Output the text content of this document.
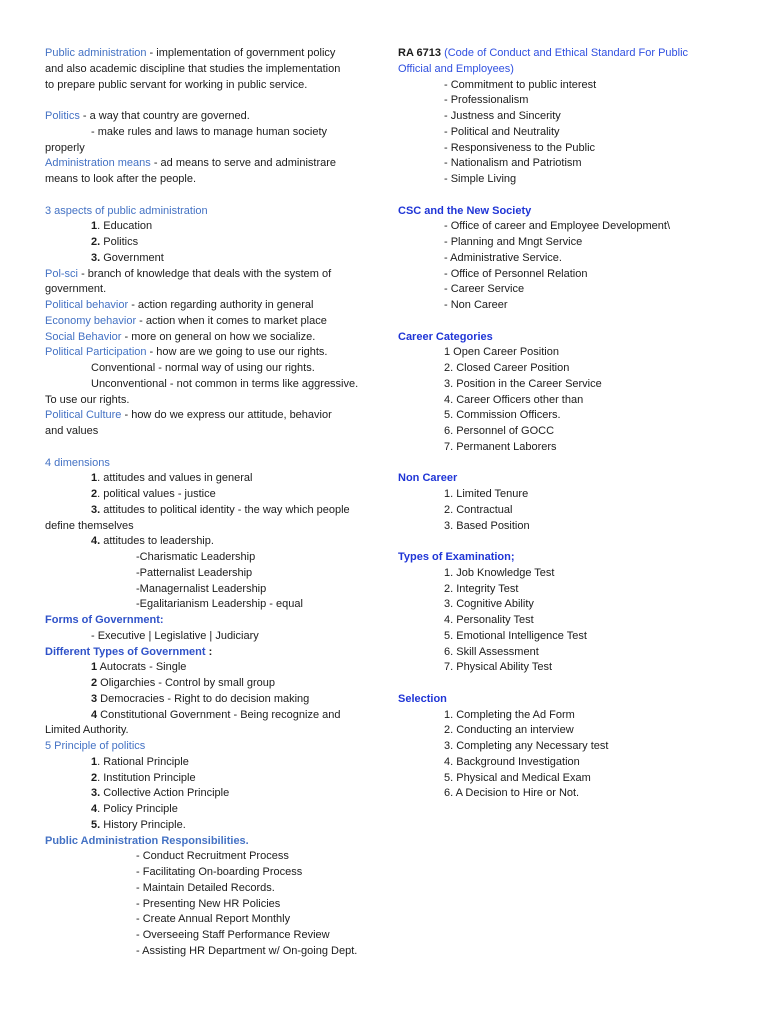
Public administration - implementation of government policy
and also academic discipline that studies the implementation
to prepare public servant for working in public service.
Politics - a way that country are governed.
- make rules and laws to manage human society
properly
Administration means - ad means to serve and administrare
means to look after the people.
3 aspects of public administration
1. Education
2. Politics
3. Government
Pol-sci - branch of knowledge that deals with the system of
government.
Political behavior - action regarding authority in general
Economy behavior - action when it comes to market place
Social Behavior - more on general on how we socialize.
Political Participation - how are we going to use our rights.
Conventional - normal way of using our rights.
Unconventional - not common in terms like aggressive.
To use our rights.
Political Culture - how do we express our attitude, behavior
and values
4 dimensions
1. attitudes and values in general
2. political values - justice
3. attitudes to political identity - the way which people
define themselves
4. attitudes to leadership.
-Charismatic Leadership
-Patternalist Leadership
-Managernalist Leadership
-Egalitarianism Leadership - equal
Forms of Government:
- Executive | Legislative | Judiciary
Different Types of Government :
1 Autocrats - Single
2 Oligarchies - Control by small group
3 Democracies - Right to do decision making
4 Constitutional Government - Being recognize and
Limited Authority.
5 Principle of politics
1. Rational Principle
2. Institution Principle
3. Collective Action Principle
4. Policy Principle
5. History Principle.
Public Administration Responsibilities.
- Conduct Recruitment Process
- Facilitating On-boarding Process
- Maintain Detailed Records.
- Presenting New HR Policies
- Create Annual Report Monthly
- Overseeing Staff Performance Review
- Assisting HR Department w/ On-going Dept.
RA 6713 (Code of Conduct and Ethical Standard For Public
Official and Employees)
- Commitment to public interest
- Professionalism
- Justness and Sincerity
- Political and Neutrality
- Responsiveness to the Public
- Nationalism and Patriotism
- Simple Living
CSC and the New Society
- Office of career and Employee Development\
- Planning and Mngt Service
- Administrative Service.
- Office of Personnel Relation
- Career Service
- Non Career
Career Categories
1 Open Career Position
2. Closed Career Position
3. Position in the Career Service
4. Career Officers other than
5. Commission Officers.
6. Personnel of GOCC
7. Permanent Laborers
Non Career
1. Limited Tenure
2. Contractual
3. Based Position
Types of Examination;
1. Job Knowledge Test
2. Integrity Test
3. Cognitive Ability
4. Personality Test
5. Emotional Intelligence Test
6. Skill Assessment
7. Physical Ability Test
Selection
1. Completing the Ad Form
2. Conducting an interview
3. Completing any Necessary test
4. Background Investigation
5. Physical and Medical Exam
6. A Decision to Hire or Not.
